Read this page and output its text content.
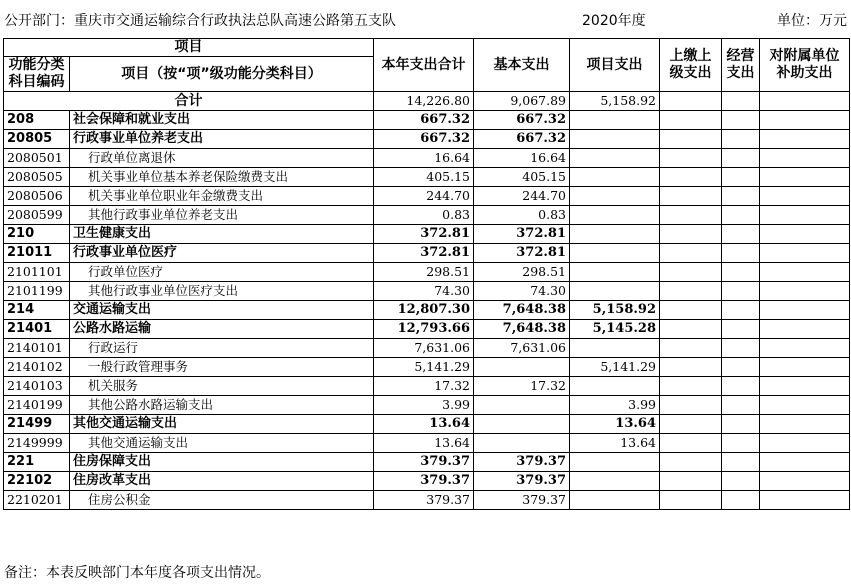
公开部门：重庆市交通运输综合行政执法总队高速公路第五支队	2020年度	单位：万元
项目		本年支出合计	基本支出	项目支出	上缴上级支出	经营支出	对附属单位补助支出
功能分类科目编码	项目（按“项”级功能分类科目）						
合计		14,226.80	9,067.89	5,158.92			
208	社会保障和就业支出	667.32	667.32				
20805	行政事业单位养老支出	667.32	667.32				
2080501	行政单位离退休	16.64	16.64				
2080505	机关事业单位基本养老保险缴费支出	405.15	405.15				
2080506	机关事业单位职业年金缴费支出	244.70	244.70				
2080599	其他行政事业单位养老支出	0.83	0.83				
210	卫生健康支出	372.81	372.81				
21011	行政事业单位医疗	372.81	372.81				
2101101	行政单位医疗	298.51	298.51				
2101199	其他行政事业单位医疗支出	74.30	74.30				
214	交通运输支出	12,807.30	7,648.38	5,158.92			
21401	公路水路运输	12,793.66	7,648.38	5,145.28			
2140101	行政运行	7,631.06	7,631.06				
2140102	一般行政管理事务	5,141.29		5,141.29			
2140103	机关服务	17.32	17.32				
2140199	其他公路水路运输支出	3.99		3.99			
21499	其他交通运输支出	13.64		13.64			
2149999	其他交通运输支出	13.64		13.64			
221	住房保障支出	379.37	379.37				
22102	住房改革支出	379.37	379.37				
2210201	住房公积金	379.37	379.37				
备注：本表反映部门本年度各项支出情况。
